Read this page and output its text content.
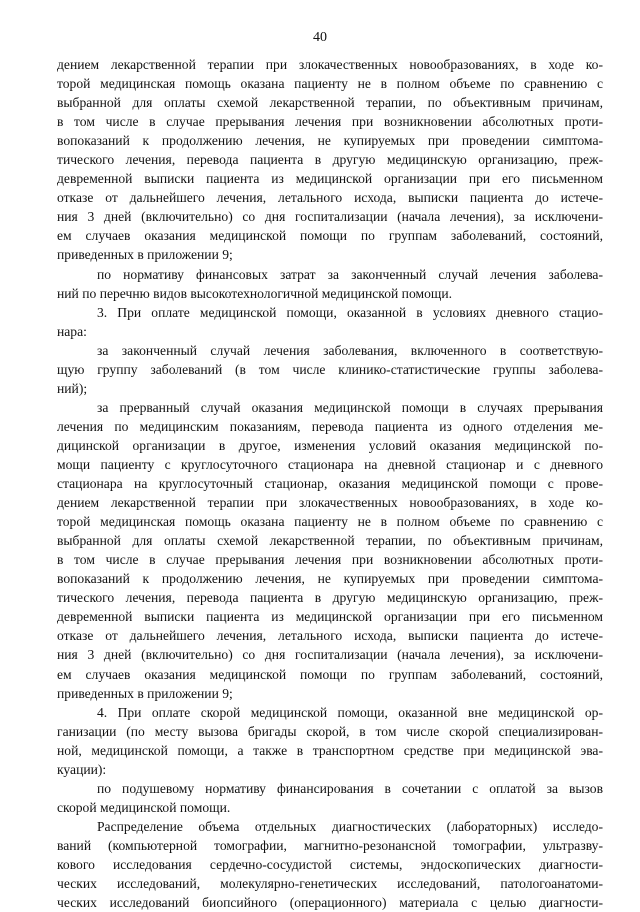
40
дением лекарственной терапии при злокачественных новообразованиях, в ходе ко-
торой медицинская помощь оказана пациенту не в полном объеме по сравнению с
выбранной для оплаты схемой лекарственной терапии, по объективным причинам,
в том числе в случае прерывания лечения при возникновении абсолютных проти-
вопоказаний к продолжению лечения, не купируемых при проведении симптома-
тического лечения, перевода пациента в другую медицинскую организацию, преж-
девременной выписки пациента из медицинской организации при его письменном
отказе от дальнейшего лечения, летального исхода, выписки пациента до истече-
ния 3 дней (включительно) со дня госпитализации (начала лечения), за исключени-
ем случаев оказания медицинской помощи по группам заболеваний, состояний,
приведенных в приложении 9;
по нормативу финансовых затрат за законченный случай лечения заболева-
ний по перечню видов высокотехнологичной медицинской помощи.
3. При оплате медицинской помощи, оказанной в условиях дневного стацио-
нара:
за законченный случай лечения заболевания, включенного в соответствую-
щую группу заболеваний (в том числе клинико-статистические группы заболева-
ний);
за прерванный случай оказания медицинской помощи в случаях прерывания
лечения по медицинским показаниям, перевода пациента из одного отделения ме-
дицинской организации в другое, изменения условий оказания медицинской по-
мощи пациенту с круглосуточного стационара на дневной стационар и с дневного
стационара на круглосуточный стационар, оказания медицинской помощи с прове-
дением лекарственной терапии при злокачественных новообразованиях, в ходе ко-
торой медицинская помощь оказана пациенту не в полном объеме по сравнению с
выбранной для оплаты схемой лекарственной терапии, по объективным причинам,
в том числе в случае прерывания лечения при возникновении абсолютных проти-
вопоказаний к продолжению лечения, не купируемых при проведении симптома-
тического лечения, перевода пациента в другую медицинскую организацию, преж-
девременной выписки пациента из медицинской организации при его письменном
отказе от дальнейшего лечения, летального исхода, выписки пациента до истече-
ния 3 дней (включительно) со дня госпитализации (начала лечения), за исключени-
ем случаев оказания медицинской помощи по группам заболеваний, состояний,
приведенных в приложении 9;
4. При оплате скорой медицинской помощи, оказанной вне медицинской ор-
ганизации (по месту вызова бригады скорой, в том числе скорой специализирован-
ной, медицинской помощи, а также в транспортном средстве при медицинской эва-
куации):
по подушевому нормативу финансирования в сочетании с оплатой за вызов
скорой медицинской помощи.
Распределение объема отдельных диагностических (лабораторных) исследо-
ваний (компьютерной томографии, магнитно-резонансной томографии, ультразву-
кового исследования сердечно-сосудистой системы, эндоскопических диагности-
ческих исследований, молекулярно-генетических исследований, патологоанатоми-
ческих исследований биопсийного (операционного) материала с целью диагности-
